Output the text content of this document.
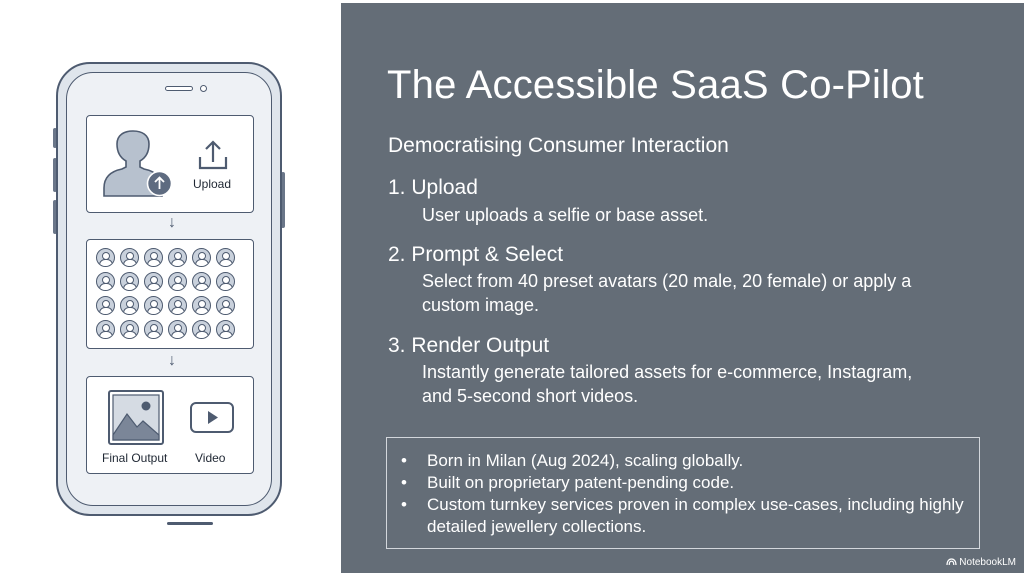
Upload
↓
↓
Final Output Video
The Accessible SaaS Co-Pilot
Democratising Consumer Interaction
1. Upload
User uploads a selfie or base asset.
2. Prompt & Select
Select from 40 preset avatars (20 male, 20 female) or apply a custom image.
3. Render Output
Instantly generate tailored assets for e-commerce, Instagram, and 5-second short videos.
• Born in Milan (Aug 2024), scaling globally.
• Built on proprietary patent-pending code.
• Custom turnkey services proven in complex use-cases, including highly detailed jewellery collections.
NotebookLM
